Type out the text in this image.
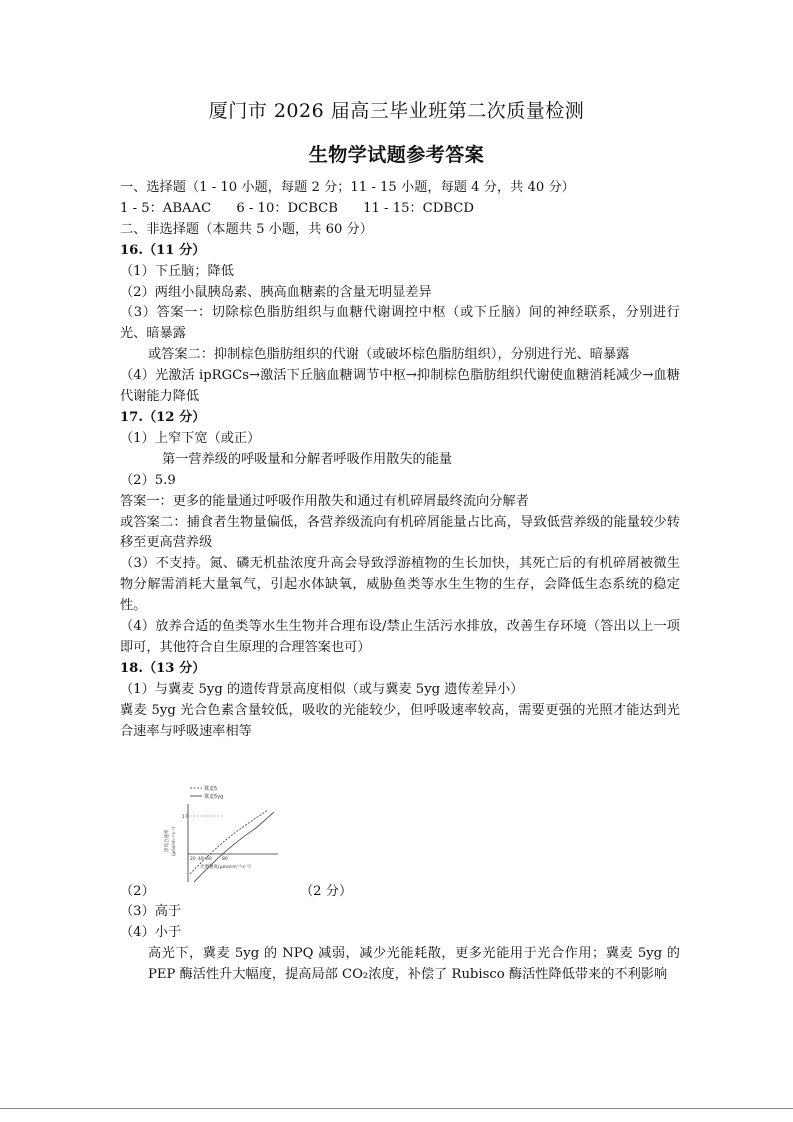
厦门市 2026 届高三毕业班第二次质量检测
生物学试题参考答案

一、选择题（1 - 10 小题，每题 2 分；11 - 15 小题，每题 4 分，共 40 分）

1 - 5：ABAAC 6 - 10：DCBCB 11 - 15：CDBCD

二、非选择题（本题共 5 小题，共 60 分）

16.（11 分）

（1）下丘脑；降低

（2）两组小鼠胰岛素、胰高血糖素的含量无明显差异

（3）答案一：切除棕色脂肪组织与血糖代谢调控中枢（或下丘脑）间的神经联系，分别进行光、暗暴露

或答案二：抑制棕色脂肪组织的代谢（或破坏棕色脂肪组织），分别进行光、暗暴露

（4）光激活 ipRGCs→激活下丘脑血糖调节中枢→抑制棕色脂肪组织代谢使血糖消耗减少→血糖代谢能力降低

17.（12 分）

（1）上窄下宽（或正）

第一营养级的呼吸量和分解者呼吸作用散失的能量

（2）5.9

答案一：更多的能量通过呼吸作用散失和通过有机碎屑最终流向分解者

或答案二：捕食者生物量偏低，各营养级流向有机碎屑能量占比高，导致低营养级的能量较少转移至更高营养级

（3）不支持。氮、磷无机盐浓度升高会导致浮游植物的生长加快，其死亡后的有机碎屑被微生物分解需消耗大量氧气，引起水体缺氧，威胁鱼类等水生生物的生存，会降低生态系统的稳定性。

（4）放养合适的鱼类等水生生物并合理布设/禁止生活污水排放，改善生存环境（答出以上一项即可，其他符合自生原理的合理答案也可）

18.（13 分）

（1）与冀麦 5yg 的遗传背景高度相似（或与冀麦 5yg 遗传差异小）

冀麦 5yg 光合色素含量较低，吸收的光能较少，但呼吸速率较高，需要更强的光照才能达到光合速率与呼吸速率相等

（2）
冀麦5
冀麦5yg
17
20 40 60 80
净光合速率 (μmol·m⁻²·s⁻¹)
光照强度(μmol·m⁻²·s⁻¹)
（2 分）

（3）高于

（4）小于

高光下，冀麦 5yg 的 NPQ 减弱，减少光能耗散，更多光能用于光合作用；冀麦 5yg 的 PEP 酶活性升大幅度，提高局部 CO₂浓度，补偿了 Rubisco 酶活性降低带来的不利影响
